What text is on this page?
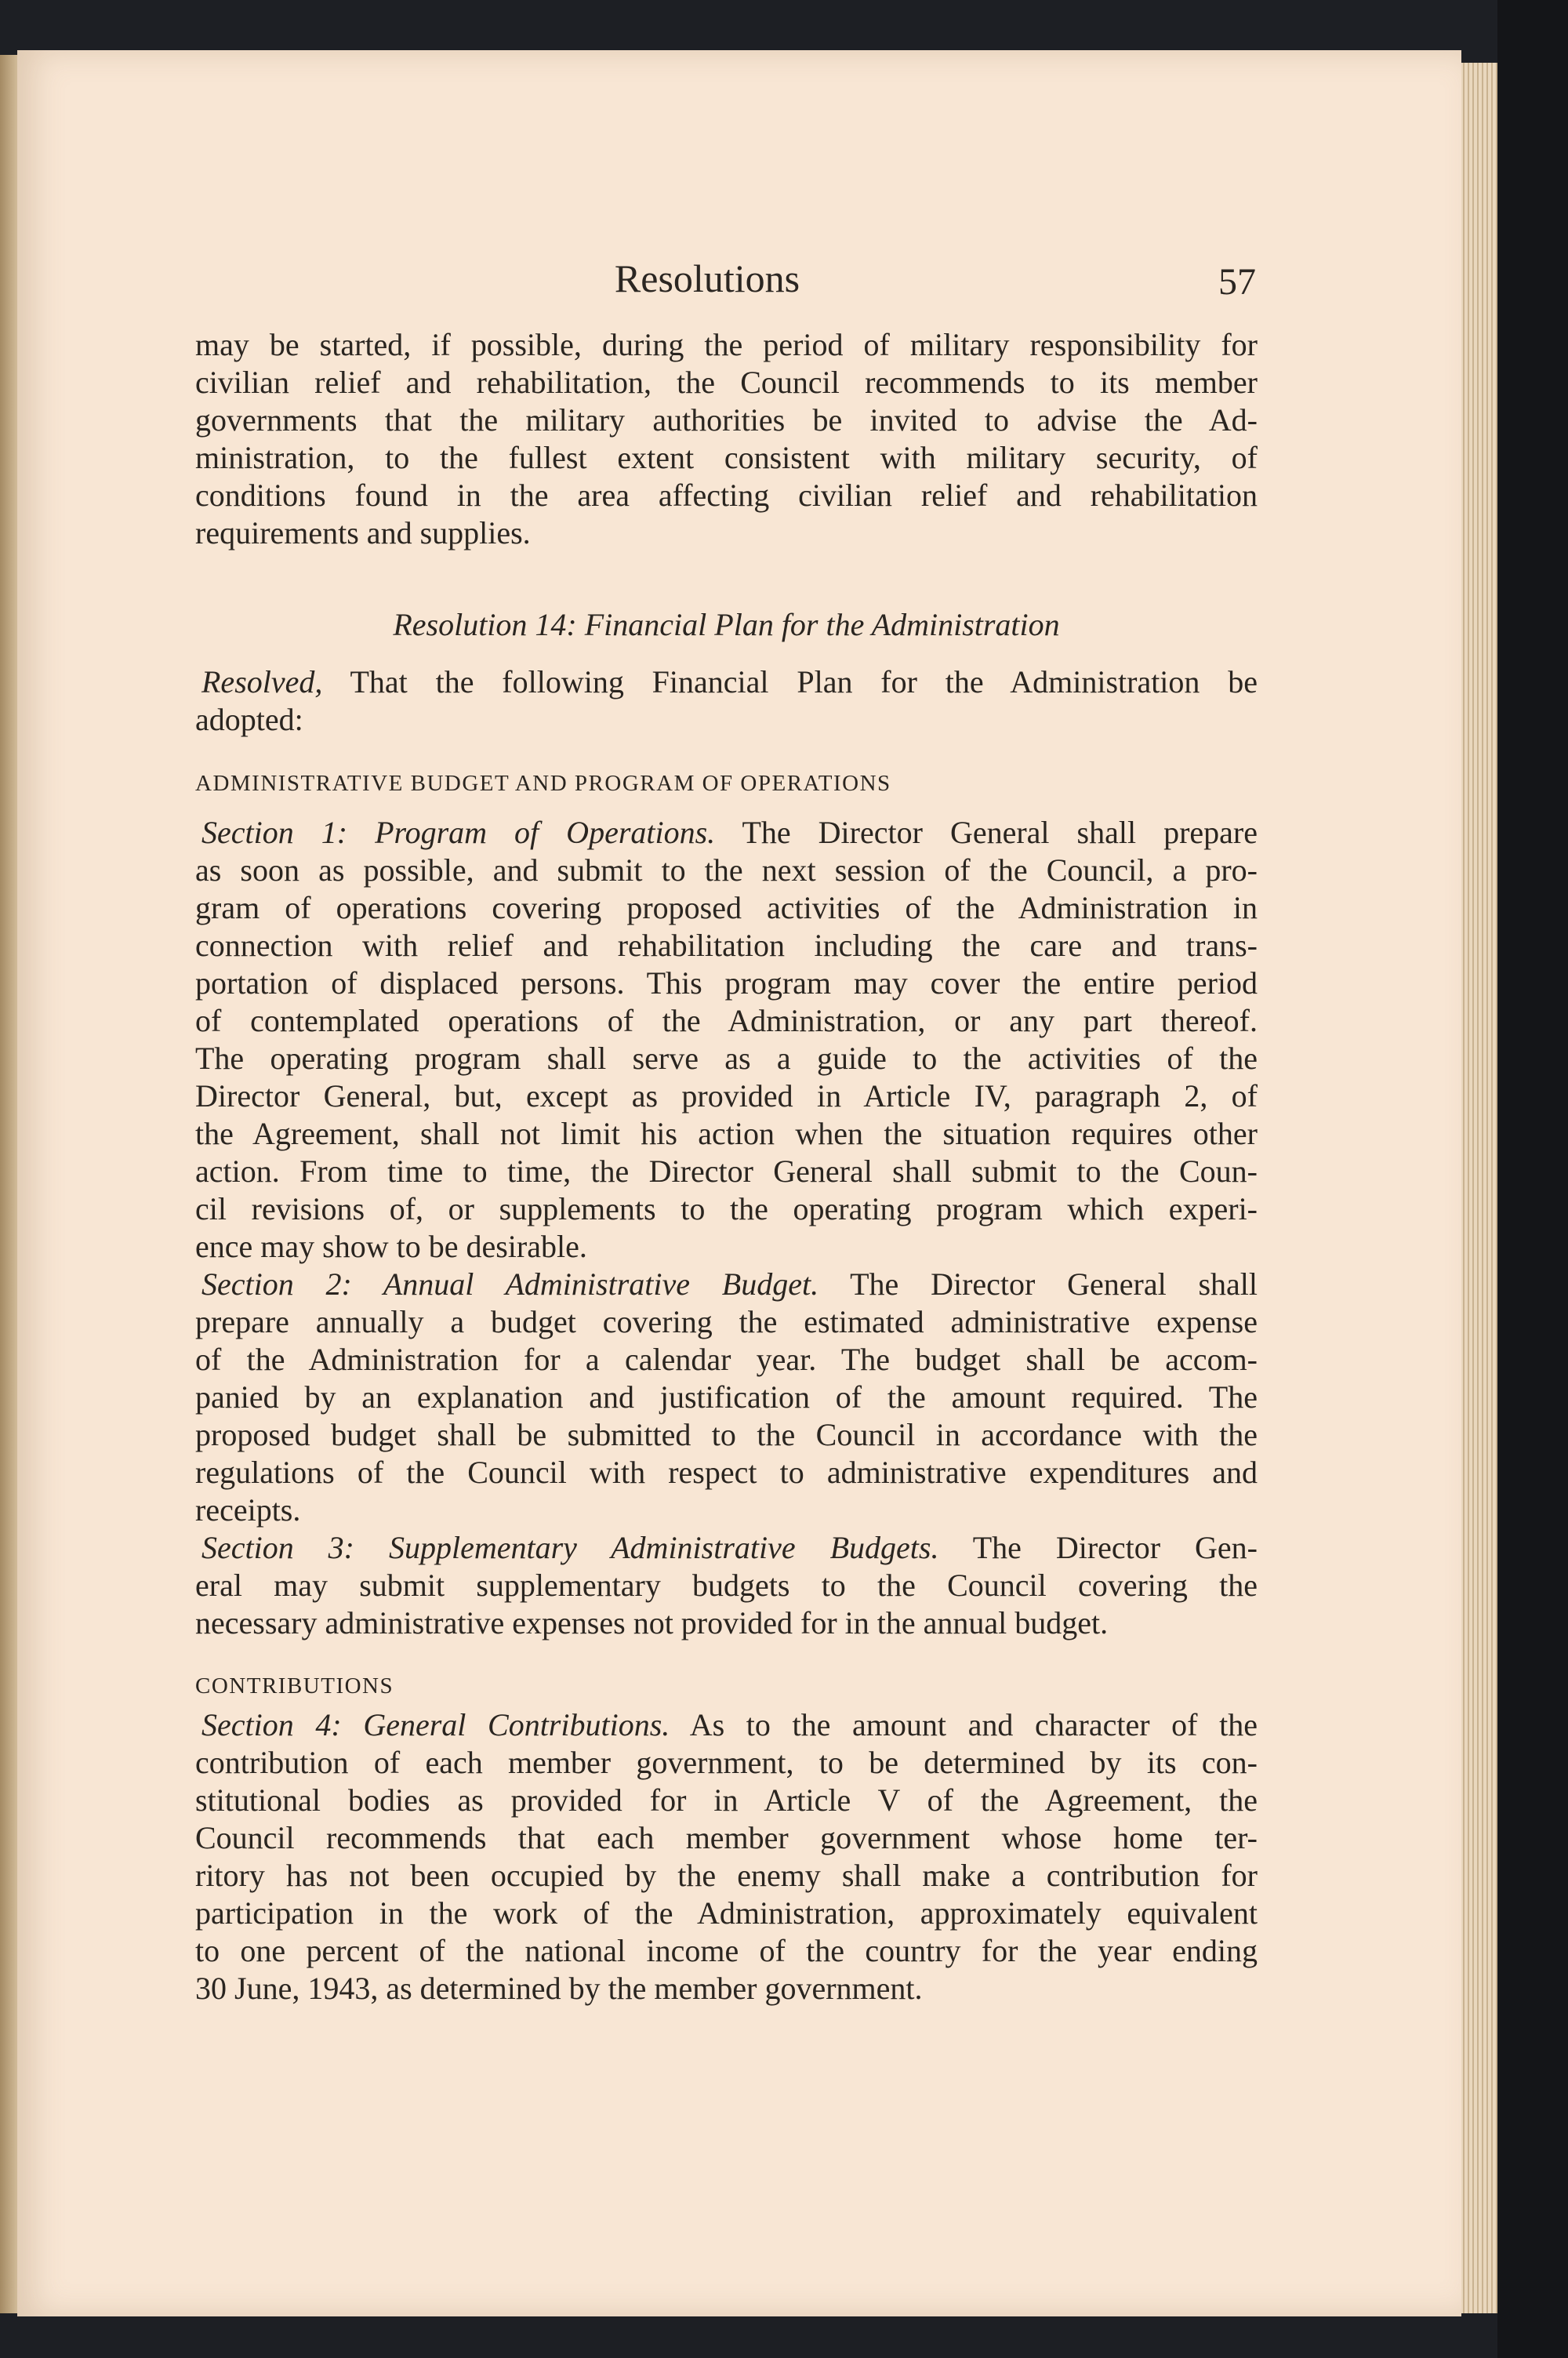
Resolutions	57
may be started, if possible, during the period of military responsibility for
civilian relief and rehabilitation, the Council recommends to its member
governments that the military authorities be invited to advise the Ad-
ministration, to the fullest extent consistent with military security, of
conditions found in the area affecting civilian relief and rehabilitation
requirements and supplies.
Resolution 14: Financial Plan for the Administration
Resolved, That the following Financial Plan for the Administration be
adopted:
ADMINISTRATIVE BUDGET AND PROGRAM OF OPERATIONS
Section 1: Program of Operations. The Director General shall prepare
as soon as possible, and submit to the next session of the Council, a pro-
gram of operations covering proposed activities of the Administration in
connection with relief and rehabilitation including the care and trans-
portation of displaced persons. This program may cover the entire period
of contemplated operations of the Administration, or any part thereof.
The operating program shall serve as a guide to the activities of the
Director General, but, except as provided in Article IV, paragraph 2, of
the Agreement, shall not limit his action when the situation requires other
action. From time to time, the Director General shall submit to the Coun-
cil revisions of, or supplements to the operating program which experi-
ence may show to be desirable.
Section 2: Annual Administrative Budget. The Director General shall
prepare annually a budget covering the estimated administrative expense
of the Administration for a calendar year. The budget shall be accom-
panied by an explanation and justification of the amount required. The
proposed budget shall be submitted to the Council in accordance with the
regulations of the Council with respect to administrative expenditures and
receipts.
Section 3: Supplementary Administrative Budgets. The Director Gen-
eral may submit supplementary budgets to the Council covering the
necessary administrative expenses not provided for in the annual budget.
CONTRIBUTIONS
Section 4: General Contributions. As to the amount and character of the
contribution of each member government, to be determined by its con-
stitutional bodies as provided for in Article V of the Agreement, the
Council recommends that each member government whose home ter-
ritory has not been occupied by the enemy shall make a contribution for
participation in the work of the Administration, approximately equivalent
to one percent of the national income of the country for the year ending
30 June, 1943, as determined by the member government.
